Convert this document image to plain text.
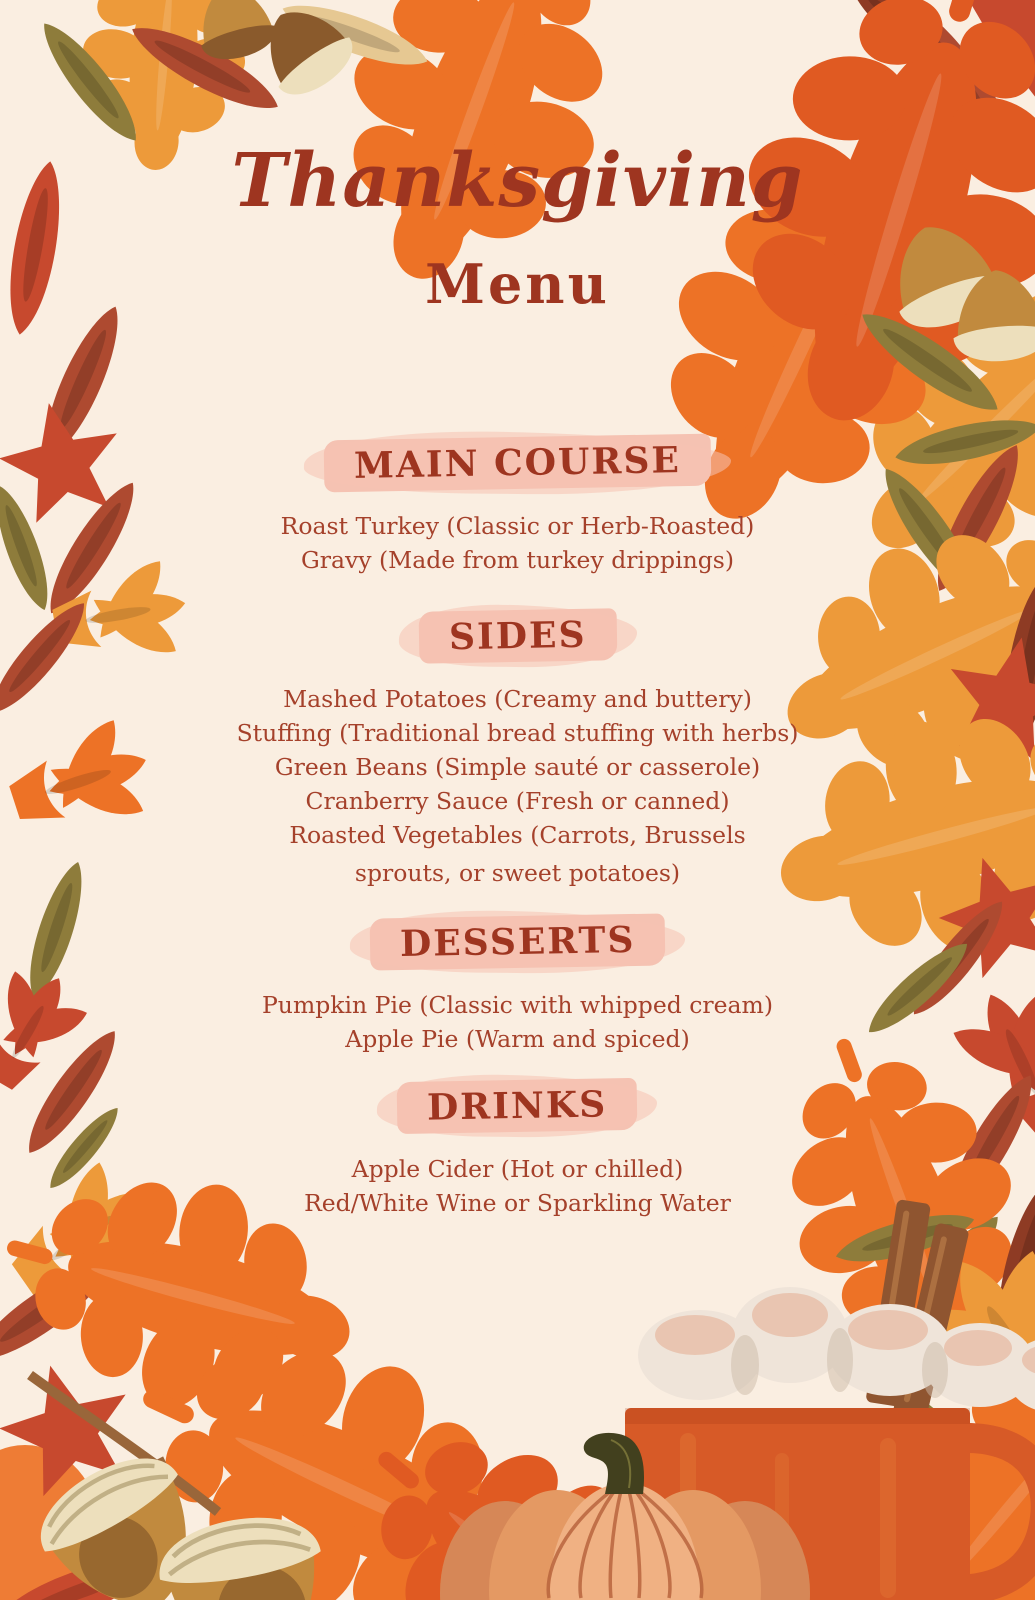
Thanksgiving
Menu
MAIN COURSE

Roast Turkey (Classic or Herb-Roasted)

Gravy (Made from turkey drippings)

SIDES

Mashed Potatoes (Creamy and buttery)

Stuffing (Traditional bread stuffing with herbs)

Green Beans (Simple sauté or casserole)

Cranberry Sauce (Fresh or canned)

Roasted Vegetables (Carrots, Brussels

sprouts, or sweet potatoes)

DESSERTS

Pumpkin Pie (Classic with whipped cream)

Apple Pie (Warm and spiced)

DRINKS

Apple Cider (Hot or chilled)

Red/White Wine or Sparkling Water
